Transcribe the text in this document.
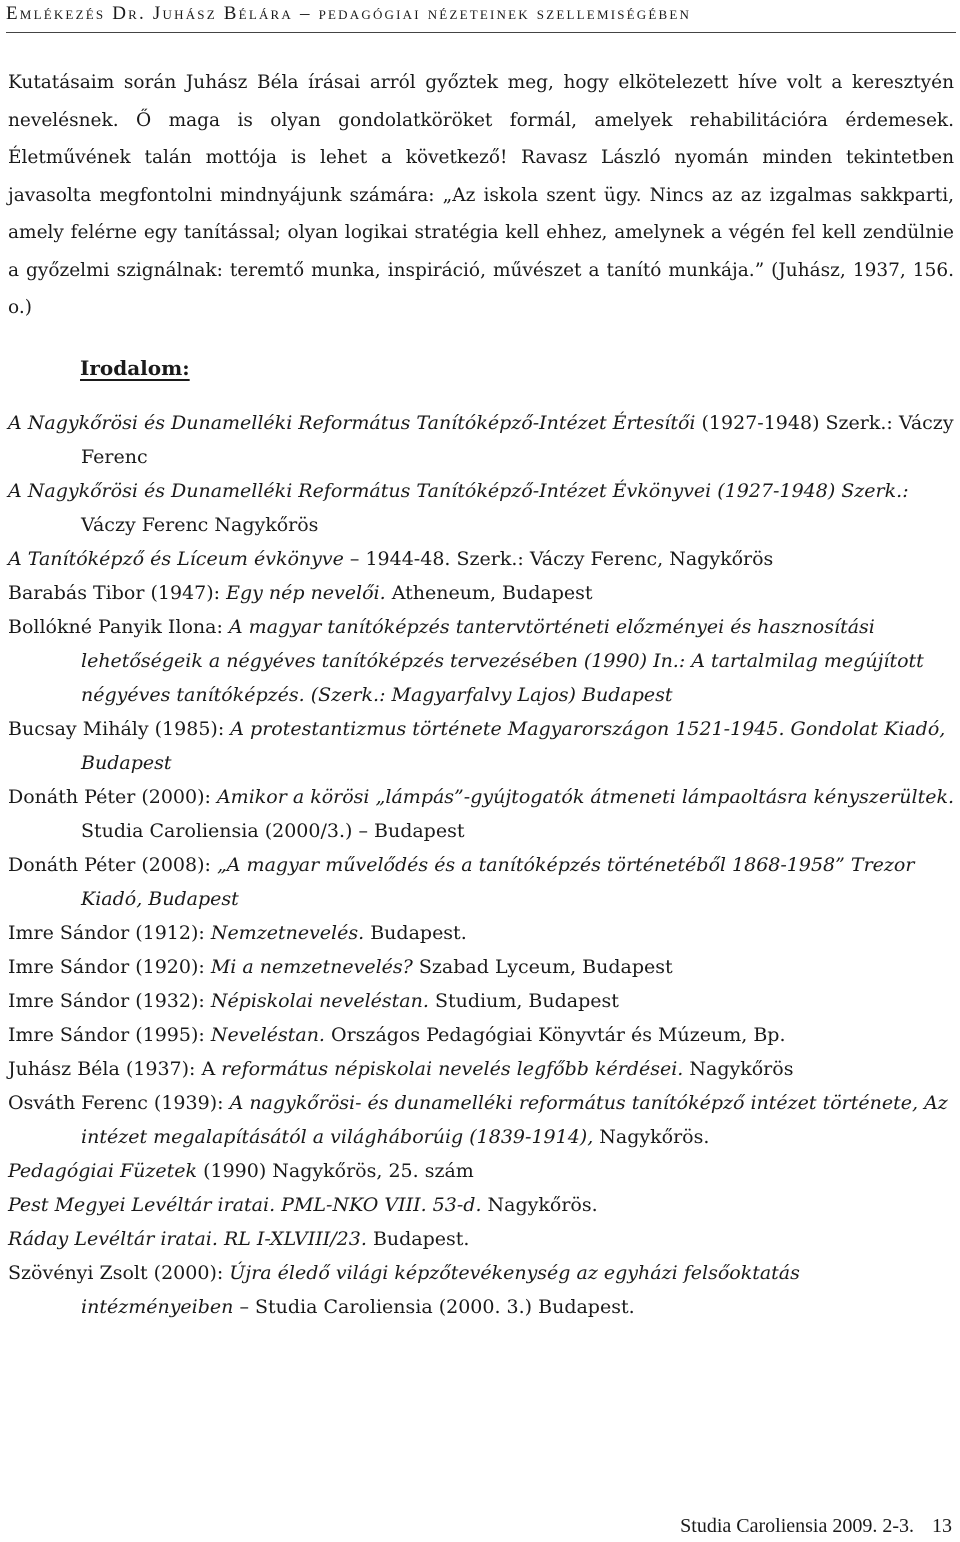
Emlékezés Dr. Juhász Bélára – pedagógiai nézeteinek szellemiségében

Kutatásaim során Juhász Béla írásai arról győztek meg, hogy elkötelezett híve volt a keresztyén nevelésnek. Ő maga is olyan gondolatköröket formál, amelyek rehabilitációra érdemesek. Életművének talán mottója is lehet a következő! Ravasz László nyomán minden tekintetben javasolta megfontolni mindnyájunk számára: „Az iskola szent ügy. Nincs az az izgalmas sakkparti, amely felérne egy tanítással; olyan logikai stratégia kell ehhez, amelynek a végén fel kell zendülnie a győzelmi szignálnak: teremtő munka, inspiráció, művészet a tanító munkája.” (Juhász, 1937, 156. o.)

Irodalom:

A Nagykőrösi és Dunamelléki Református Tanítóképző-Intézet Értesítői (1927-1948) Szerk.: Váczy Ferenc

A Nagykőrösi és Dunamelléki Református Tanítóképző-Intézet Évkönyvei (1927-1948) Szerk.: Váczy Ferenc Nagykőrös

A Tanítóképző és Líceum évkönyve – 1944-48. Szerk.: Váczy Ferenc, Nagykőrös

Barabás Tibor (1947): Egy nép nevelői. Atheneum, Budapest

Bollókné Panyik Ilona: A magyar tanítóképzés tantervtörténeti előzményei és hasznosítási lehetőségeik a négyéves tanítóképzés tervezésében (1990) In.: A tartalmilag megújított négyéves tanítóképzés. (Szerk.: Magyarfalvy Lajos) Budapest

Bucsay Mihály (1985): A protestantizmus története Magyarországon 1521-1945. Gondolat Kiadó, Budapest

Donáth Péter (2000): Amikor a körösi „lámpás”-gyújtogatók átmeneti lámpaoltásra kényszerültek. Studia Caroliensia (2000/3.) – Budapest

Donáth Péter (2008): „A magyar művelődés és a tanítóképzés történetéből 1868-1958” Trezor Kiadó, Budapest

Imre Sándor (1912): Nemzetnevelés. Budapest.

Imre Sándor (1920): Mi a nemzetnevelés? Szabad Lyceum, Budapest

Imre Sándor (1932): Népiskolai neveléstan. Studium, Budapest

Imre Sándor (1995): Neveléstan. Országos Pedagógiai Könyvtár és Múzeum, Bp.

Juhász Béla (1937): A református népiskolai nevelés legfőbb kérdései. Nagykőrös

Osváth Ferenc (1939): A nagykőrösi- és dunamelléki református tanítóképző intézet története, Az intézet megalapításától a világháborúig (1839-1914), Nagykőrös.

Pedagógiai Füzetek (1990) Nagykőrös, 25. szám

Pest Megyei Levéltár iratai. PML-NKO VIII. 53-d. Nagykőrös.

Ráday Levéltár iratai. RL I-XLVIII/23. Budapest.

Szövényi Zsolt (2000): Újra éledő világi képzőtevékenység az egyházi felsőoktatás intézményeiben – Studia Caroliensia (2000. 3.) Budapest.

Studia Caroliensia 2009. 2-3. 13
